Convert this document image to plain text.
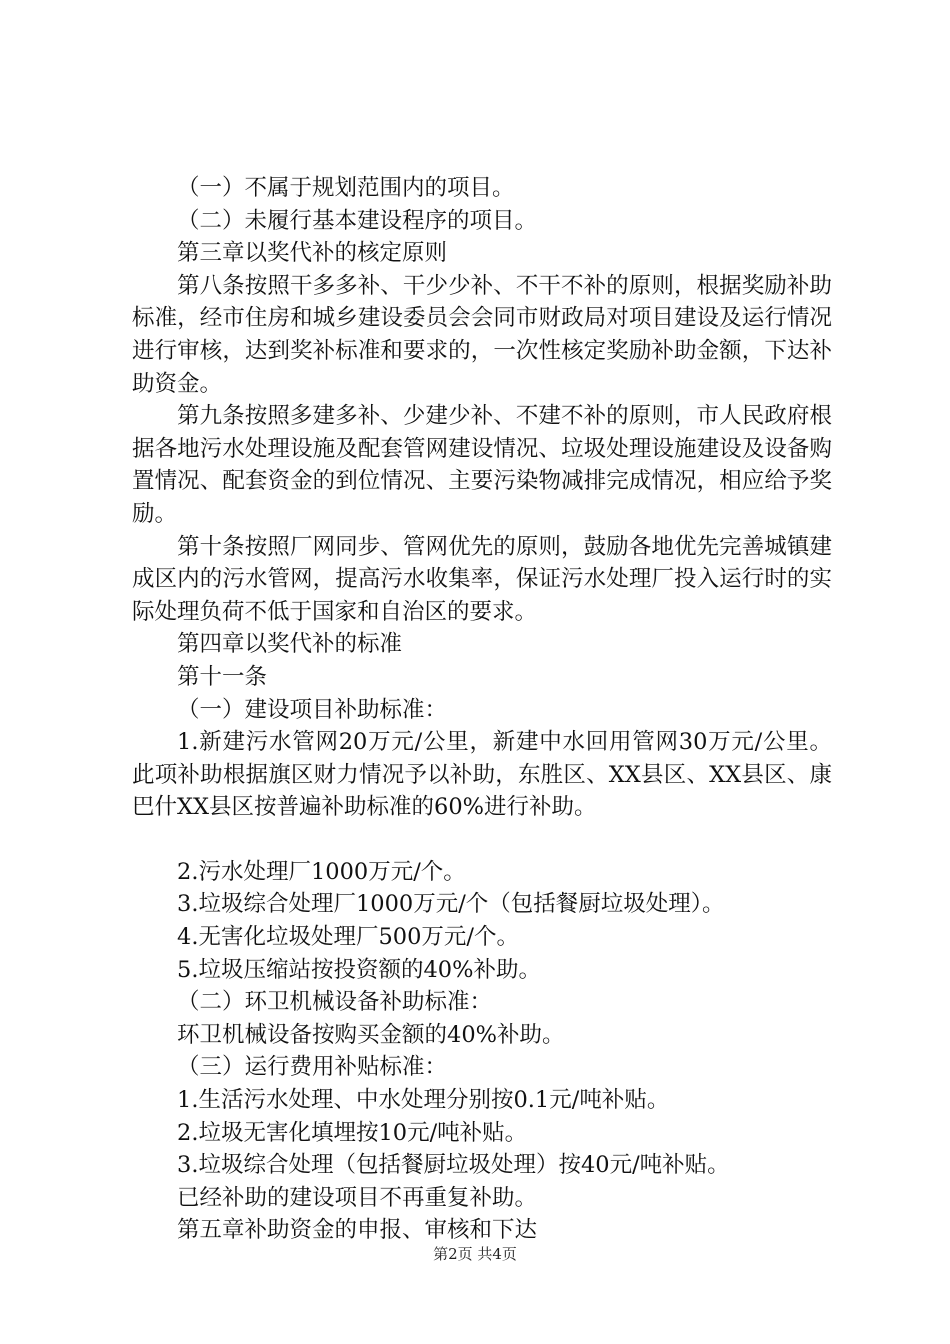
（一）不属于规划范围内的项目。

（二）未履行基本建设程序的项目。

第三章以奖代补的核定原则

第八条按照干多多补、干少少补、不干不补的原则，根据奖励补助标准，经市住房和城乡建设委员会会同市财政局对项目建设及运行情况进行审核，达到奖补标准和要求的，一次性核定奖励补助金额，下达补助资金。

第九条按照多建多补、少建少补、不建不补的原则，市人民政府根据各地污水处理设施及配套管网建设情况、垃圾处理设施建设及设备购置情况、配套资金的到位情况、主要污染物减排完成情况，相应给予奖励。

第十条按照厂网同步、管网优先的原则，鼓励各地优先完善城镇建成区内的污水管网，提高污水收集率，保证污水处理厂投入运行时的实际处理负荷不低于国家和自治区的要求。

第四章以奖代补的标准

第十一条

（一）建设项目补助标准：

1.新建污水管网20万元/公里，新建中水回用管网30万元/公里。此项补助根据旗区财力情况予以补助，东胜区、XX县区、XX县区、康巴什XX县区按普遍补助标准的60%进行补助。

2.污水处理厂1000万元/个。

3.垃圾综合处理厂1000万元/个（包括餐厨垃圾处理）。

4.无害化垃圾处理厂500万元/个。

5.垃圾压缩站按投资额的40%补助。

（二）环卫机械设备补助标准：

环卫机械设备按购买金额的40%补助。

（三）运行费用补贴标准：

1.生活污水处理、中水处理分别按0.1元/吨补贴。

2.垃圾无害化填埋按10元/吨补贴。

3.垃圾综合处理（包括餐厨垃圾处理）按40元/吨补贴。

已经补助的建设项目不再重复补助。

第五章补助资金的申报、审核和下达

第2页 共4页
